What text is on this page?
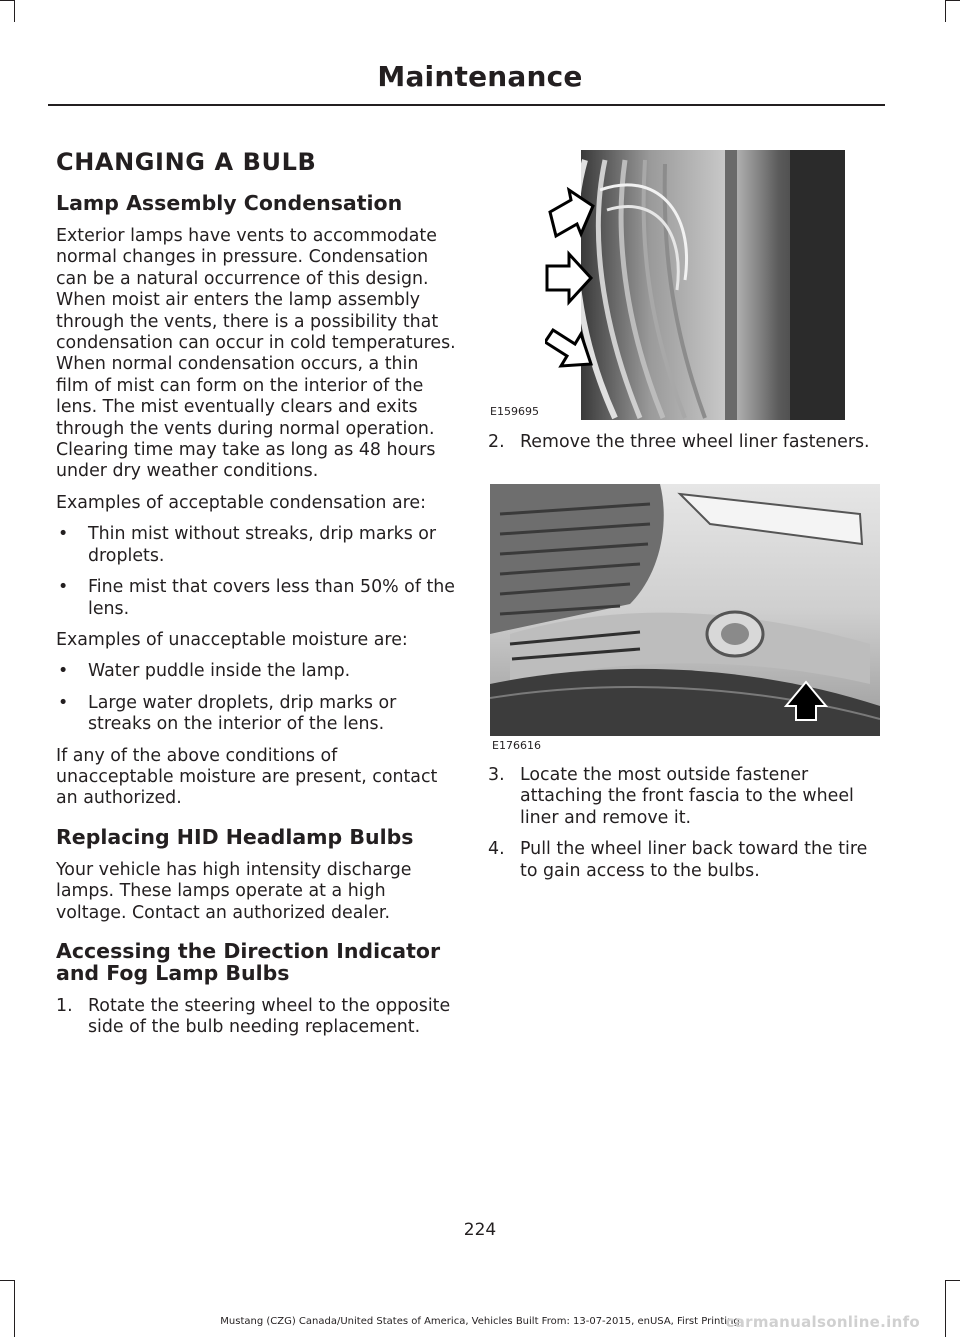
Maintenance
CHANGING A BULB
Lamp Assembly Condensation

Exterior lamps have vents to accommodate normal changes in pressure. Condensation can be a natural occurrence of this design. When moist air enters the lamp assembly through the vents, there is a possibility that condensation can occur in cold temperatures. When normal condensation occurs, a thin film of mist can form on the interior of the lens. The mist eventually clears and exits through the vents during normal operation. Clearing time may take as long as 48 hours under dry weather conditions.

Examples of acceptable condensation are:

• Thin mist without streaks, drip marks or droplets.
• Fine mist that covers less than 50% of the lens.

Examples of unacceptable moisture are:

• Water puddle inside the lamp.
• Large water droplets, drip marks or streaks on the interior of the lens.

If any of the above conditions of unacceptable moisture are present, contact an authorized.

Replacing HID Headlamp Bulbs

Your vehicle has high intensity discharge lamps. These lamps operate at a high voltage. Contact an authorized dealer.

Accessing the Direction Indicator and Fog Lamp Bulbs
1. Rotate the steering wheel to the opposite side of the bulb needing replacement.
E159695
2. Remove the three wheel liner fasteners.
E176616
3. Locate the most outside fastener attaching the front fascia to the wheel liner and remove it.
4. Pull the wheel liner back toward the tire to gain access to the bulbs.
224
Mustang (CZG) Canada/United States of America, Vehicles Built From: 13-07-2015, enUSA, First Printing
carmanualsonline.info
